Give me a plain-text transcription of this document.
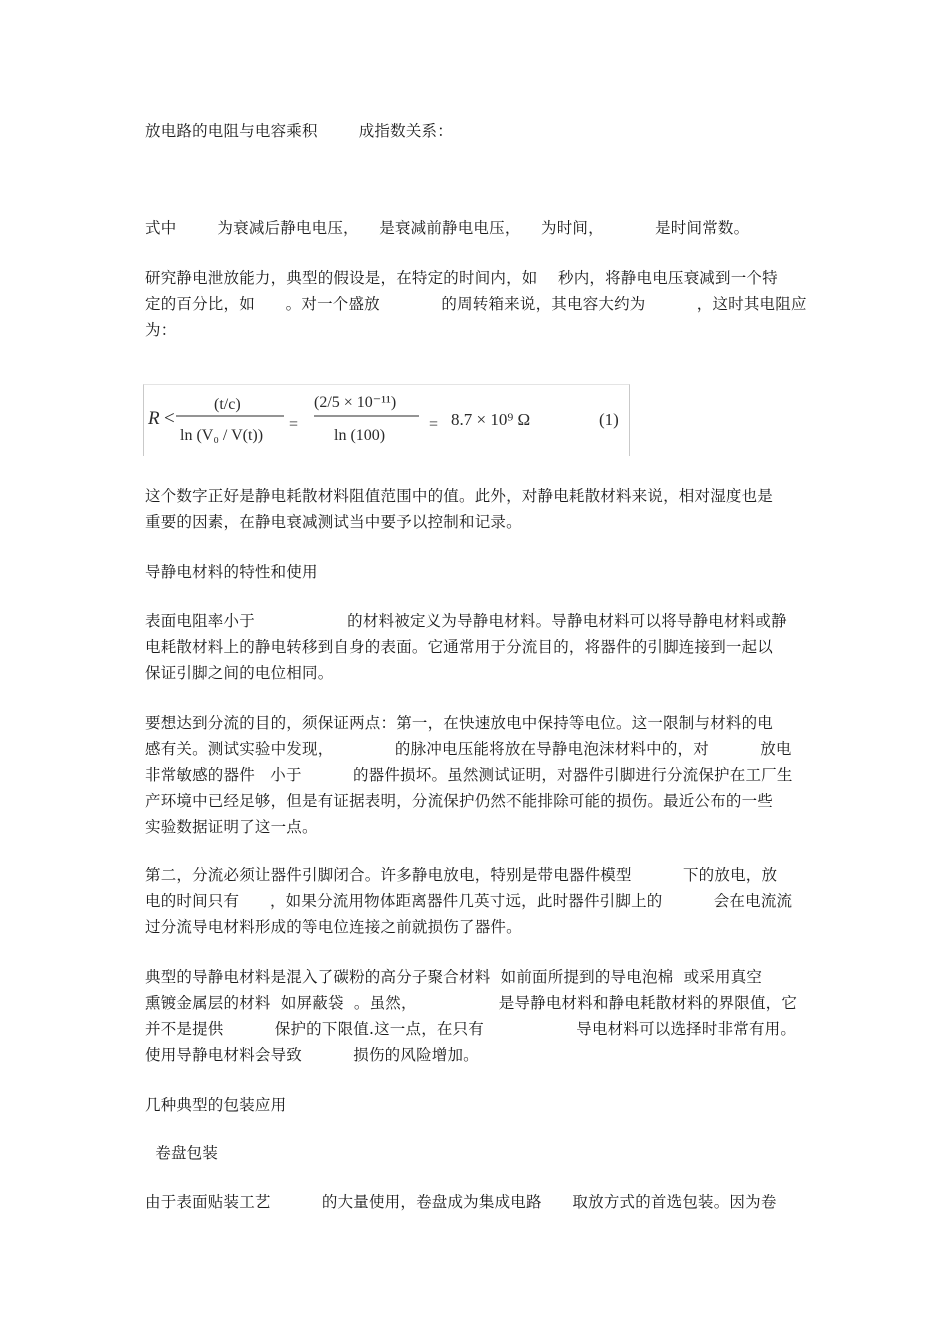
放电路的电阻与电容乘积        成指数关系：
式中        为衰减后静电电压，    是衰减前静电电压，    为时间，          是时间常数。
研究静电泄放能力，典型的假设是，在特定的时间内，如    秒内，将静电电压衰减到一个特
定的百分比，如      。对一个盛放            的周转箱来说，其电容大约为          ，这时其电阻应
为：
R <
(t/c)
ln (V₀ / V(t))
=
(2/5 × 10⁻¹¹)
ln (100)
= 8.7 × 10⁹ Ω	(1)
这个数字正好是静电耗散材料阻值范围中的值。此外，对静电耗散材料来说，相对湿度也是
重要的因素，在静电衰减测试当中要予以控制和记录。
导静电材料的特性和使用
表面电阻率小于                  的材料被定义为导静电材料。导静电材料可以将导静电材料或静
电耗散材料上的静电转移到自身的表面。它通常用于分流目的，将器件的引脚连接到一起以
保证引脚之间的电位相同。
要想达到分流的目的，须保证两点：第一，在快速放电中保持等电位。这一限制与材料的电
感有关。测试实验中发现，            的脉冲电压能将放在导静电泡沫材料中的，对          放电
非常敏感的器件   小于          的器件损坏。虽然测试证明，对器件引脚进行分流保护在工厂生
产环境中已经足够，但是有证据表明，分流保护仍然不能排除可能的损伤。最近公布的一些
实验数据证明了这一点。
第二，分流必须让器件引脚闭合。许多静电放电，特别是带电器件模型          下的放电，放
电的时间只有      ，如果分流用物体距离器件几英寸远，此时器件引脚上的          会在电流流
过分流导电材料形成的等电位连接之前就损伤了器件。
典型的导静电材料是混入了碳粉的高分子聚合材料  如前面所提到的导电泡棉  或采用真空
熏镀金属层的材料  如屏蔽袋  。虽然，                是导静电材料和静电耗散材料的界限值，它
并不是提供          保护的下限值.这一点，在只有                  导电材料可以选择时非常有用。
使用导静电材料会导致          损伤的风险增加。
几种典型的包装应用
卷盘包装
由于表面贴装工艺          的大量使用，卷盘成为集成电路      取放方式的首选包装。因为卷
